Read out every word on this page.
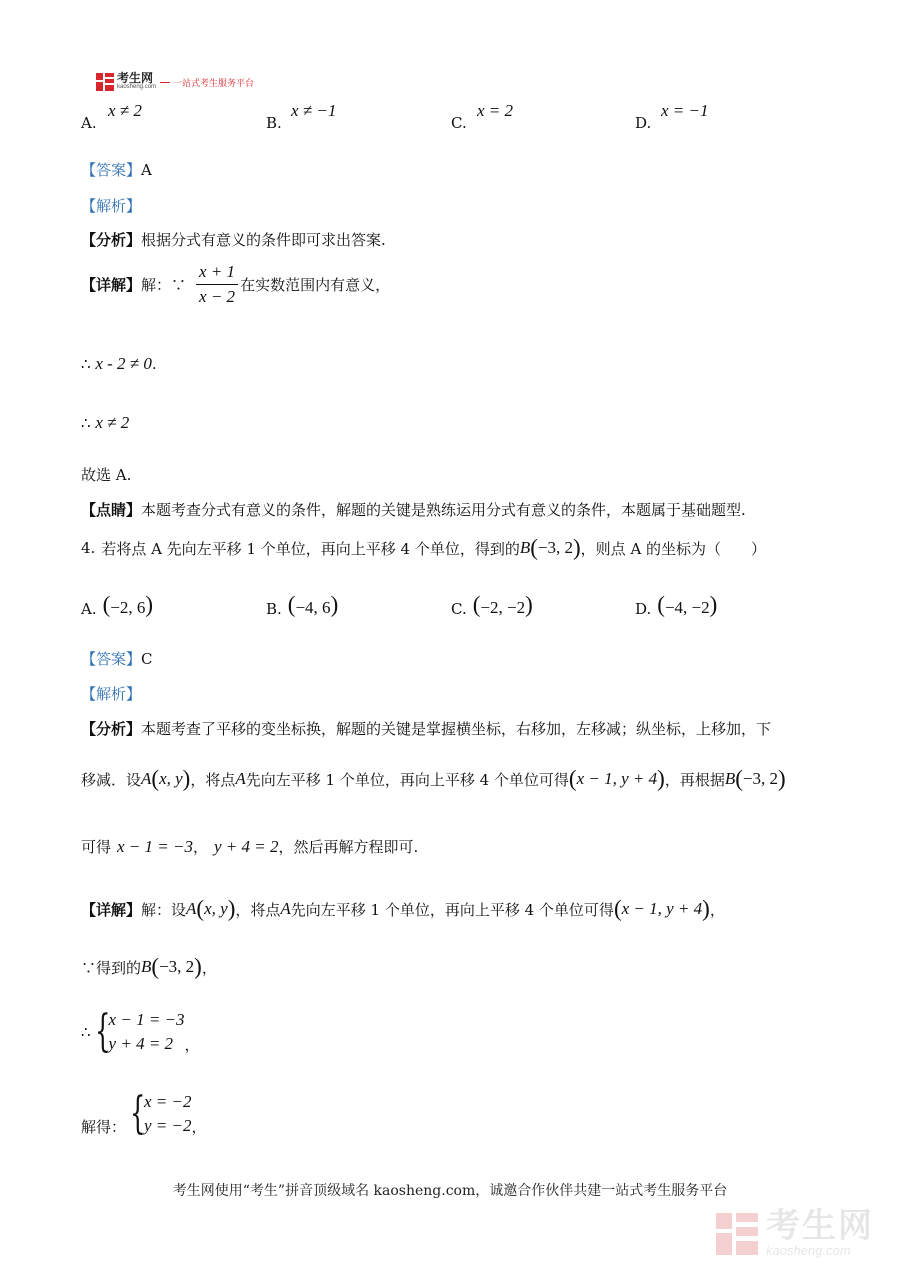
考生网
kaosheng.com 一站式考生服务平台
A.
x ≠ 2
B.
x ≠ −1
C.
x = 2
D.
x = −1
【答案】A
【解析】
【分析】根据分式有意义的条件即可求出答案.
【详解】 解：∵ $\frac{x + 1}{x - 2}$ 在实数范围内有意义，
∴ x - 2 ≠ 0.
∴ x ≠ 2
故选 A.
【点睛】本题考查分式有意义的条件，解题的关键是熟练运用分式有意义的条件，本题属于基础题型.
4. 若将点 A 先向左平移 1 个单位，再向上平移 4 个单位，得到的 B ( −3, 2 ) ，则点 A 的坐标为（　　）
A. ( −2, 6 )	B. ( −4, 6 )	C. ( −2, −2 )	D. ( −4, −2 )
【答案】C
【解析】
【分析】本题考查了平移的变坐标换，解题的关键是掌握横坐标，右移加，左移减；纵坐标，上移加，下
移减．设 A ( x, y ) ，将点 A 先向左平移 1 个单位，再向上平移 4 个单位可得 ( x − 1, y + 4 ) ，再根据 B ( −3, 2 )
可得 x − 1 = −3 ， y + 4 = 2 ，然后再解方程即可.
【详解】 解：设 A ( x, y ) ，将点 A 先向左平移 1 个单位，再向上平移 4 个单位可得 ( x − 1, y + 4 ) ，
∵得到的 B ( −3, 2 ) ，
∴ {
x − 1 = −3
y + 4 = 2 ，
解得： {
x = −2
y = −2 ，
考生网使用“考生”拼音顶级域名 kaosheng.com，诚邀合作伙伴共建一站式考生服务平台
考生网
kaosheng.com
